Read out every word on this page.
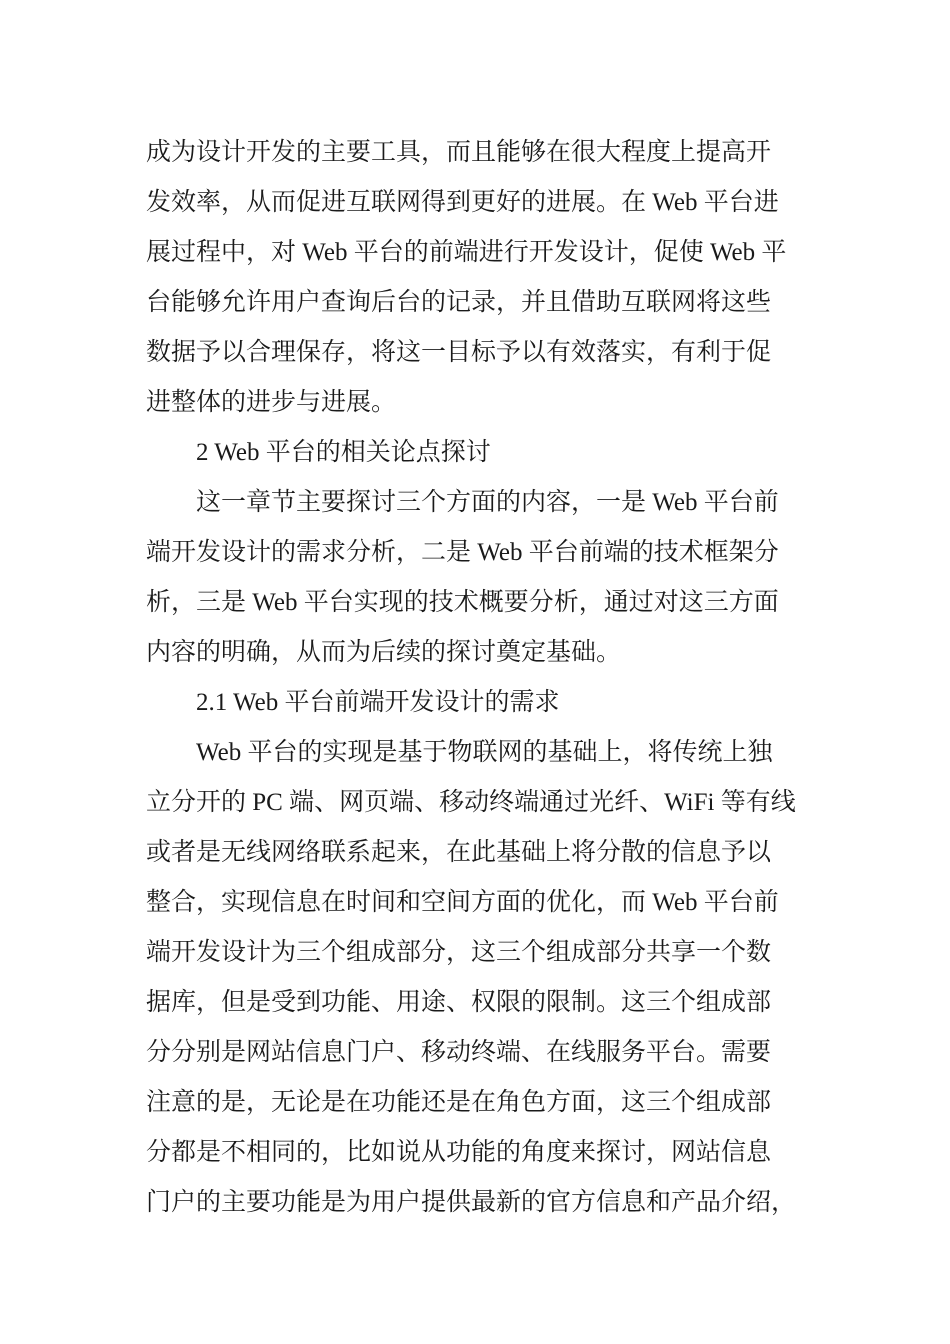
成为设计开发的主要工具，而且能够在很大程度上提高开
发效率，从而促进互联网得到更好的进展。在 Web 平台进
展过程中，对 Web 平台的前端进行开发设计，促使 Web 平
台能够允许用户查询后台的记录，并且借助互联网将这些
数据予以合理保存，将这一目标予以有效落实，有利于促
进整体的进步与进展。
2 Web 平台的相关论点探讨
这一章节主要探讨三个方面的内容，一是 Web 平台前
端开发设计的需求分析，二是 Web 平台前端的技术框架分
析，三是 Web 平台实现的技术概要分析，通过对这三方面
内容的明确，从而为后续的探讨奠定基础。
2.1 Web 平台前端开发设计的需求
Web 平台的实现是基于物联网的基础上，将传统上独
立分开的 PC 端、网页端、移动终端通过光纤、WiFi 等有线
或者是无线网络联系起来，在此基础上将分散的信息予以
整合，实现信息在时间和空间方面的优化，而 Web 平台前
端开发设计为三个组成部分，这三个组成部分共享一个数
据库，但是受到功能、用途、权限的限制。这三个组成部
分分别是网站信息门户、移动终端、在线服务平台。需要
注意的是，无论是在功能还是在角色方面，这三个组成部
分都是不相同的，比如说从功能的角度来探讨，网站信息
门户的主要功能是为用户提供最新的官方信息和产品介绍，
